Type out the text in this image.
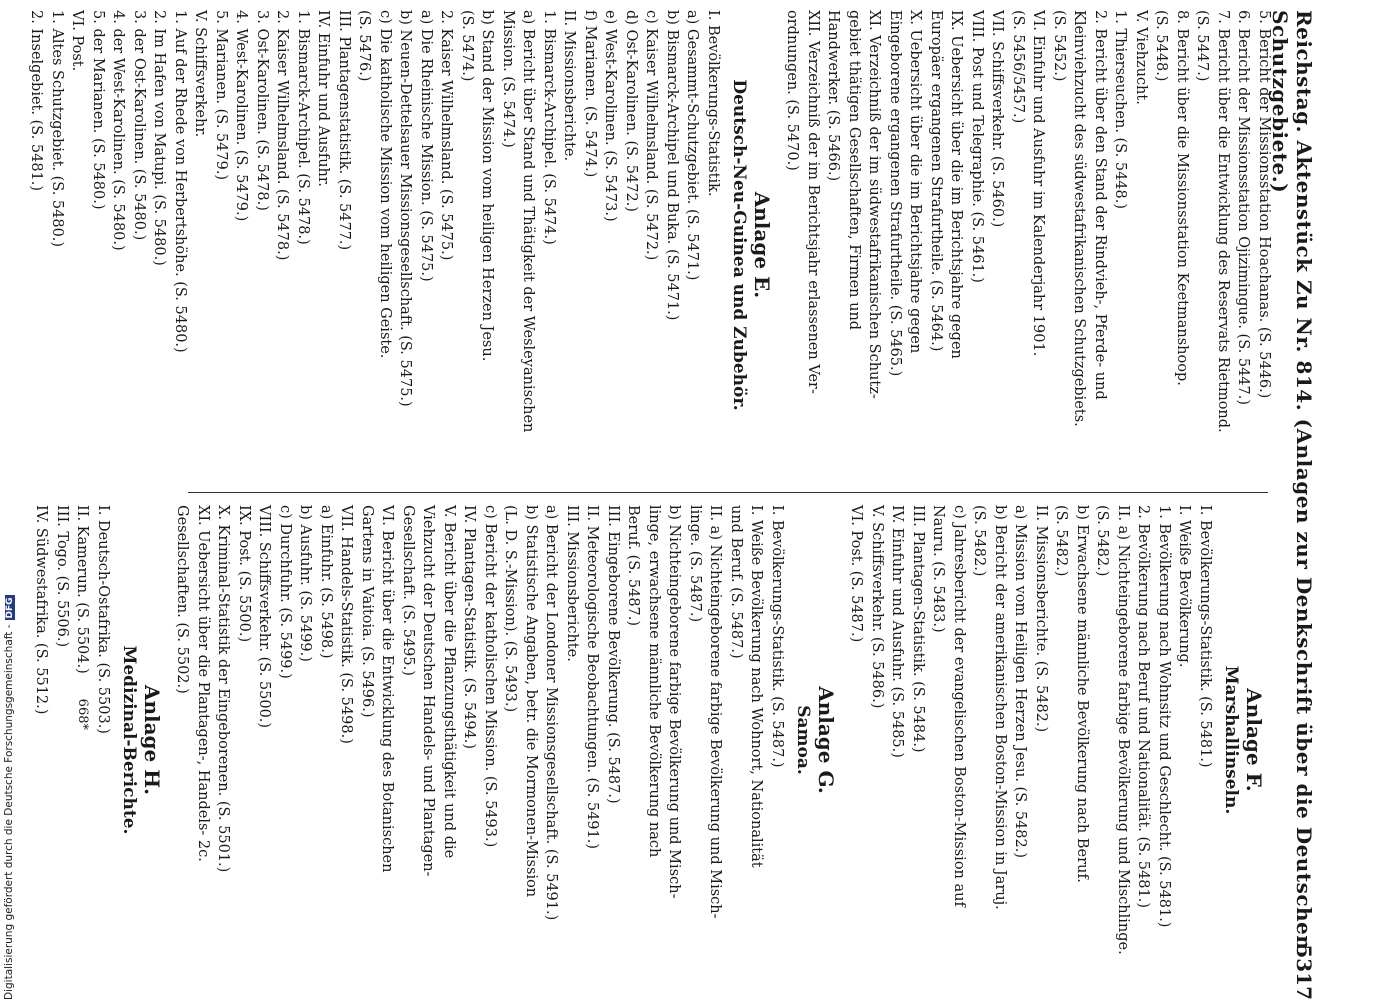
Reichstag. Aktenstück Zu Nr. 814. (Anlagen zur Denkschrift über die Deutschen Schutzgebiete.)
5317
5. Bericht der Missionsstation Hoachanas. (S. 5446.)
6. Bericht der Missionsstation Ojizimingue. (S. 5447.)
7. Bericht über die Entwicklung des Reservats Rietmond.
(S. 5447.)
8. Bericht über die Missionsstation Keetmanshoop.
(S. 5448.)
V. Viehzucht.
1. Thierseuchen. (S. 5448.)
2. Bericht über den Stand der Rindvieh-, Pferde- und
Kleinviehzucht des südwestafrikanischen Schutzgebiets.
(S. 5452.)
VI. Einfuhr und Ausfuhr im Kalenderjahr 1901.
(S. 5456/5457.)
VII. Schiffsverkehr. (S. 5460.)
VIII. Post und Telegraphie. (S. 5461.)
IX. Uebersicht über die im Berichtsjahre gegen
Europäer ergangenen Strafurtheile. (S. 5464.)
X. Uebersicht über die im Berichtsjahre gegen
Eingeborene ergangenen Strafurtheile. (S. 5465.)
XI. Verzeichniß der im südwestafrikanischen Schutz-
gebiet thätigen Gesellschaften, Firmen und
Handwerker. (S. 5466.)
XII. Verzeichniß der im Berichtsjahr erlassenen Ver-
ordnungen. (S. 5470.)
Anlage E.
Deutsch-Neu-Guinea und Zubehör.
I. Bevölkerungs-Statistik.
a) Gesammt-Schutzgebiet. (S. 5471.)
b) Bismarck-Archipel und Buka. (S. 5471.)
c) Kaiser Wilhelmsland. (S. 5472.)
d) Ost-Karolinen. (S. 5472.)
e) West-Karolinen. (S. 5473.)
f) Marianen. (S. 5474.)
II. Missionsberichte.
1. Bismarck-Archipel. (S. 5474.)
a) Bericht über Stand und Thätigkeit der Wesleyanischen
Mission. (S. 5474.)
b) Stand der Mission vom heiligen Herzen Jesu.
(S. 5474.)
2. Kaiser Wilhelmsland. (S. 5475.)
a) Die Rheinische Mission. (S. 5475.)
b) Neuen-Dettelsauer Missionsgesellschaft. (S. 5475.)
c) Die katholische Mission vom heiligen Geiste.
(S. 5476.)
III. Plantagenstatistik. (S. 5477.)
IV. Einfuhr und Ausfuhr.
1. Bismarck-Archipel. (S. 5478.)
2. Kaiser Wilhelmsland. (S. 5478.)
3. Ost-Karolinen. (S. 5478.)
4. West-Karolinen. (S. 5479.)
5. Marianen. (S. 5479.)
V. Schiffsverkehr.
1. Auf der Rhede von Herbertshöhe. (S. 5480.)
2. Im Hafen von Matupi. (S. 5480.)
3. der Ost-Karolinen. (S. 5480.)
4. der West-Karolinen. (S. 5480.)
5. der Marianen. (S. 5480.)
VI. Post.
1. Altes Schutzgebiet. (S. 5480.)
2. Inselgebiet. (S. 5481.)
Anlage F.
Marshallinseln.
I. Bevölkerungs-Statistik. (S. 5481.)
I. Weiße Bevölkerung.
1. Bevölkerung nach Wohnsitz und Geschlecht. (S. 5481.)
2. Bevölkerung nach Beruf und Nationalität. (S. 5481.)
II. a) Nichteingeborene farbige Bevölkerung und Mischlinge.
(S. 5482.)
b) Erwachsene männliche Bevölkerung nach Beruf.
(S. 5482.)
II. Missionsberichte. (S. 5482.)
a) Mission vom Heiligen Herzen Jesu. (S. 5482.)
b) Bericht der amerikanischen Boston-Mission in Jaruj.
(S. 5482.)
c) Jahresbericht der evangelischen Boston-Mission auf
Nauru. (S. 5483.)
III. Plantagen-Statistik. (S. 5484.)
IV. Einfuhr und Ausfuhr. (S. 5485.)
V. Schiffsverkehr. (S. 5486.)
VI. Post. (S. 5487.)
Anlage G.
Samoa.
I. Bevölkerungs-Statistik. (S. 5487.)
I. Weiße Bevölkerung nach Wohnort, Nationalität
und Beruf. (S. 5487.)
II. a) Nichteingeborene farbige Bevölkerung und Misch-
linge. (S. 5487.)
b) Nichteingeborene farbige Bevölkerung und Misch-
linge, erwachsene männliche Bevölkerung nach
Beruf. (S. 5487.)
III. Eingeborene Bevölkerung. (S. 5487.)
II. Meteorologische Beobachtungen. (S. 5491.)
III. Missionsberichte.
a) Bericht der Londoner Missionsgesellschaft. (S. 5491.)
b) Statistische Angaben, betr. die Mormonen-Mission
(L. D. S.-Mission). (S. 5493.)
c) Bericht der katholischen Mission. (S. 5493.)
IV. Plantagen-Statistik. (S. 5494.)
V. Bericht über die Pflanzungsthätigkeit und die
Viehzucht der Deutschen Handels- und Plantagen-
Gesellschaft. (S. 5495.)
VI. Bericht über die Entwicklung des Botanischen
Gartens in Vaitoia. (S. 5496.)
VII. Handels-Statistik. (S. 5498.)
a) Einfuhr. (S. 5498.)
b) Ausfuhr. (S. 5499.)
c) Durchfuhr. (S. 5499.)
VIII. Schiffsverkehr. (S. 5500.)
IX. Post. (S. 5500.)
X. Kriminal-Statistik der Eingeborenen. (S. 5501.)
XI. Uebersicht über die Plantagen-, Handels- 2c.
Gesellschaften. (S. 5502.)
Anlage H.
Medizinal-Berichte.
I. Deutsch-Ostafrika. (S. 5503.)
II. Kamerun. (S. 5504.)
III. Togo. (S. 5506.)
IV. Südwestafrika. (S. 5512.) 668*
Digitalisierung gefördert durch die Deutsche Forschungsgemeinschaft -DFG
